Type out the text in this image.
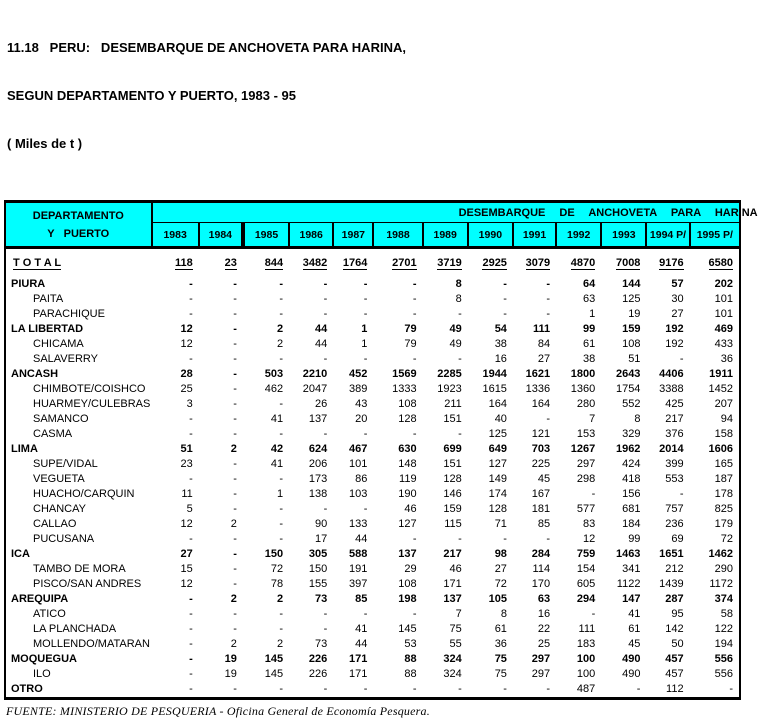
11.18   PERU:   DESEMBARQUE DE ANCHOVETA PARA HARINA,

SEGUN DEPARTAMENTO Y PUERTO, 1983 - 95

( Miles de t )

DEPARTAMENTO
Y   PUERTO	DESEMBARQUE DE ANCHOVETA PARA HARINA												

	1983	1984	1985	1986	1987	1988	1989	1990	1991	1992	1993	1994 P/	1995 P/
T O T A L	118	23	844	3482	1764	2701	3719	2925	3079	4870	7008	9176	6580
PIURA	-	-	-	-	-	-	8	-	-	64	144	57	202
PAITA	-	-	-	-	-	-	8	-	-	63	125	30	101
PARACHIQUE	-	-	-	-	-	-	-	-	-	1	19	27	101
LA LIBERTAD	12	-	2	44	1	79	49	54	111	99	159	192	469
CHICAMA	12	-	2	44	1	79	49	38	84	61	108	192	433
SALAVERRY	-	-	-	-	-	-	-	16	27	38	51	-	36
ANCASH	28	-	503	2210	452	1569	2285	1944	1621	1800	2643	4406	1911
CHIMBOTE/COISHCO	25	-	462	2047	389	1333	1923	1615	1336	1360	1754	3388	1452
HUARMEY/CULEBRAS	3	-	-	26	43	108	211	164	164	280	552	425	207
SAMANCO	-	-	41	137	20	128	151	40	-	7	8	217	94
CASMA	-	-	-	-	-	-	-	125	121	153	329	376	158
LIMA	51	2	42	624	467	630	699	649	703	1267	1962	2014	1606
SUPE/VIDAL	23	-	41	206	101	148	151	127	225	297	424	399	165
VEGUETA	-	-	-	173	86	119	128	149	45	298	418	553	187
HUACHO/CARQUIN	11	-	1	138	103	190	146	174	167	-	156	-	178
CHANCAY	5	-	-	-	-	46	159	128	181	577	681	757	825
CALLAO	12	2	-	90	133	127	115	71	85	83	184	236	179
PUCUSANA	-	-	-	17	44	-	-	-	-	12	99	69	72
ICA	27	-	150	305	588	137	217	98	284	759	1463	1651	1462
TAMBO DE MORA	15	-	72	150	191	29	46	27	114	154	341	212	290
PISCO/SAN ANDRES	12	-	78	155	397	108	171	72	170	605	1122	1439	1172
AREQUIPA	-	2	2	73	85	198	137	105	63	294	147	287	374
ATICO	-	-	-	-	-	-	7	8	16	-	41	95	58
LA PLANCHADA	-	-	-	-	41	145	75	61	22	111	61	142	122
MOLLENDO/MATARAN	-	2	2	73	44	53	55	36	25	183	45	50	194
MOQUEGUA	-	19	145	226	171	88	324	75	297	100	490	457	556
ILO	-	19	145	226	171	88	324	75	297	100	490	457	556
OTRO	-	-	-	-	-	-	-	-	-	487	-	112	-
FUENTE: MINISTERIO DE PESQUERIA - Oficina General de Economía Pesquera.
